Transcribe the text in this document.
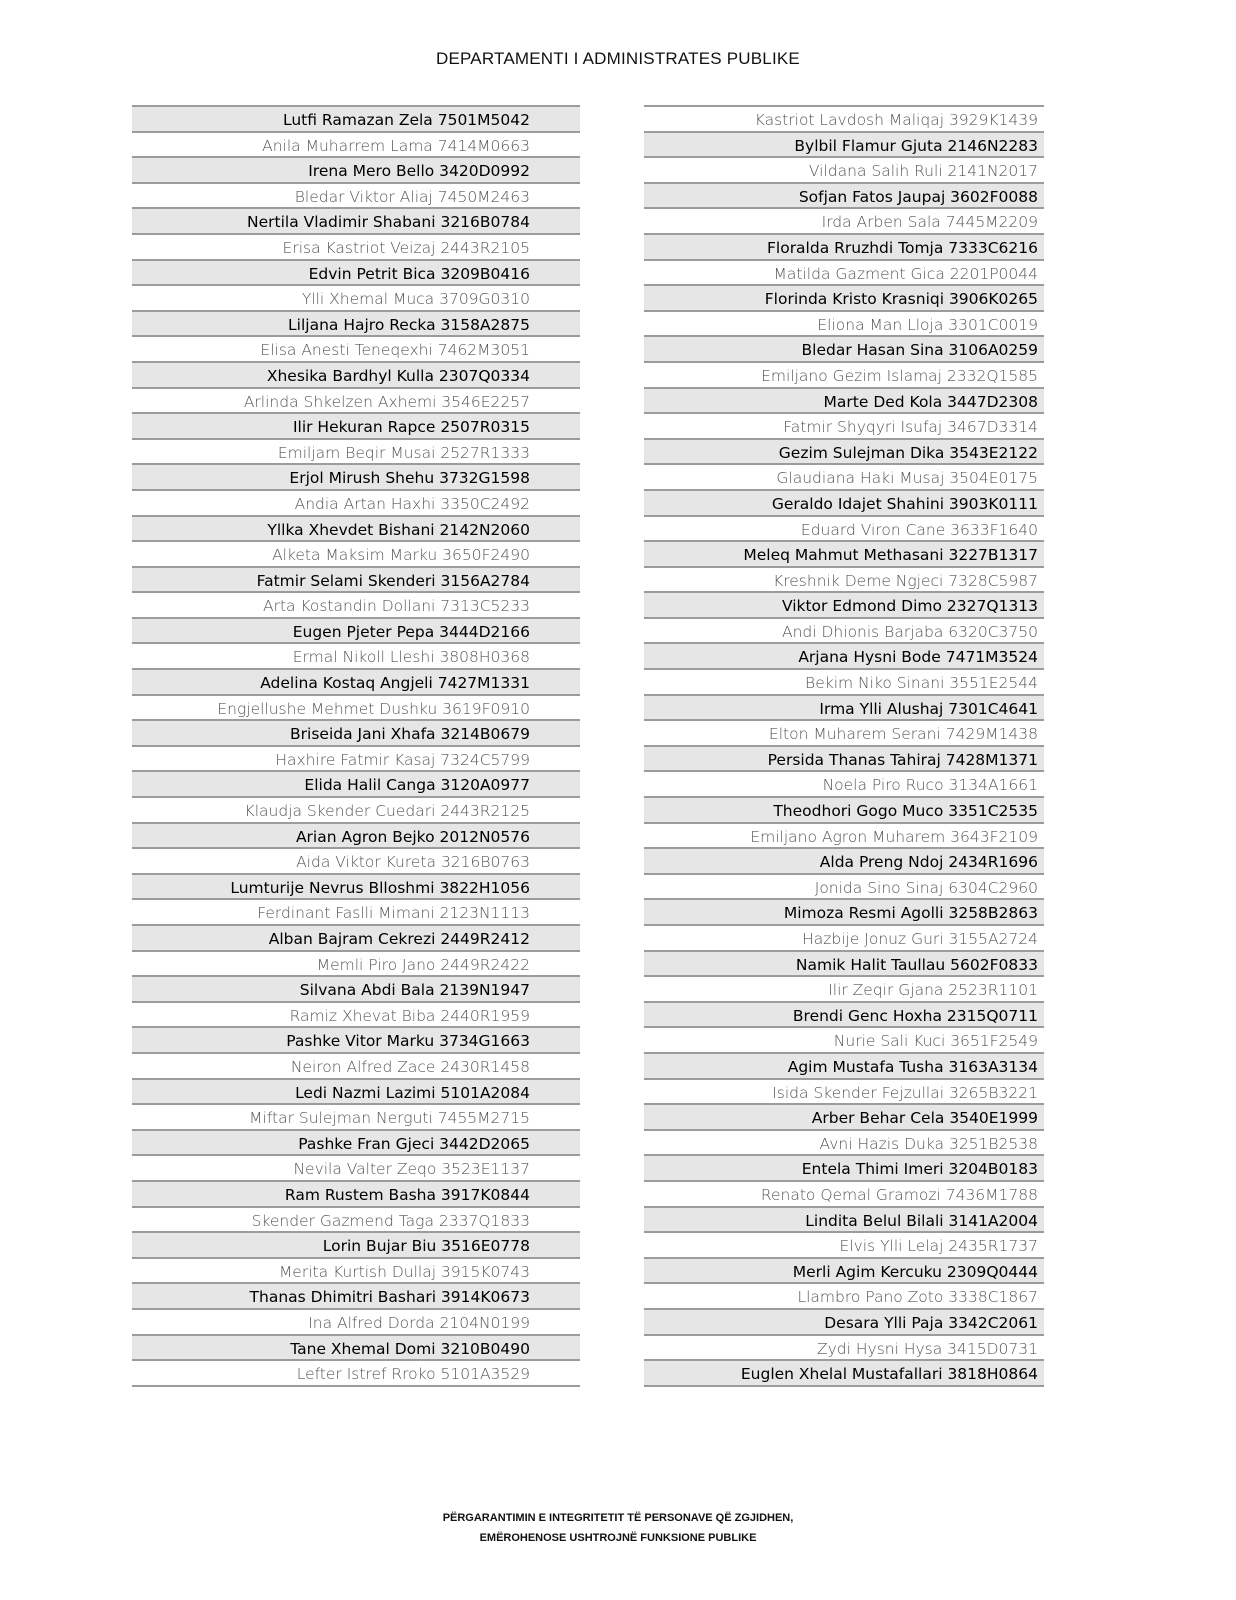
DEPARTAMENTI I ADMINISTRATES PUBLIKE
Lutfi Ramazan Zela 7501M5042
Anila Muharrem Lama 7414M0663
Irena Mero Bello 3420D0992
Bledar Viktor Aliaj 7450M2463
Nertila Vladimir Shabani 3216B0784
Erisa Kastriot Veizaj 2443R2105
Edvin Petrit Bica 3209B0416
Ylli Xhemal Muca 3709G0310
Liljana Hajro Recka 3158A2875
Elisa Anesti Teneqexhi 7462M3051
Xhesika Bardhyl Kulla 2307Q0334
Arlinda Shkelzen Axhemi 3546E2257
Ilir Hekuran Rapce 2507R0315
Emiljam Beqir Musai 2527R1333
Erjol Mirush Shehu 3732G1598
Andia Artan Haxhi 3350C2492
Yllka Xhevdet Bishani 2142N2060
Alketa Maksim Marku 3650F2490
Fatmir Selami Skenderi 3156A2784
Arta Kostandin Dollani 7313C5233
Eugen Pjeter Pepa 3444D2166
Ermal Nikoll Lleshi 3808H0368
Adelina Kostaq Angjeli 7427M1331
Engjellushe Mehmet Dushku 3619F0910
Briseida Jani Xhafa 3214B0679
Haxhire Fatmir Kasaj 7324C5799
Elida Halil Canga 3120A0977
Klaudja Skender Cuedari 2443R2125
Arian Agron Bejko 2012N0576
Aida Viktor Kureta 3216B0763
Lumturije Nevrus Blloshmi 3822H1056
Ferdinant Faslli Mimani 2123N1113
Alban Bajram Cekrezi 2449R2412
Memli Piro Jano 2449R2422
Silvana Abdi Bala 2139N1947
Ramiz Xhevat Biba 2440R1959
Pashke Vitor Marku 3734G1663
Neiron Alfred Zace 2430R1458
Ledi Nazmi Lazimi 5101A2084
Miftar Sulejman Nerguti 7455M2715
Pashke Fran Gjeci 3442D2065
Nevila Valter Zeqo 3523E1137
Ram Rustem Basha 3917K0844
Skender Gazmend Taga 2337Q1833
Lorin Bujar Biu 3516E0778
Merita Kurtish Dullaj 3915K0743
Thanas Dhimitri Bashari 3914K0673
Ina Alfred Dorda 2104N0199
Tane Xhemal Domi 3210B0490
Lefter Istref Rroko 5101A3529
Kastriot Lavdosh Maliqaj 3929K1439
Bylbil Flamur Gjuta 2146N2283
Vildana Salih Ruli 2141N2017
Sofjan Fatos Jaupaj 3602F0088
Irda Arben Sala 7445M2209
Floralda Rruzhdi Tomja 7333C6216
Matilda Gazment Gica 2201P0044
Florinda Kristo Krasniqi 3906K0265
Eliona Man Lloja 3301C0019
Bledar Hasan Sina 3106A0259
Emiljano Gezim Islamaj 2332Q1585
Marte Ded Kola 3447D2308
Fatmir Shyqyri Isufaj 3467D3314
Gezim Sulejman Dika 3543E2122
Glaudiana Haki Musaj 3504E0175
Geraldo Idajet Shahini 3903K0111
Eduard Viron Cane 3633F1640
Meleq Mahmut Methasani 3227B1317
Kreshnik Deme Ngjeci 7328C5987
Viktor Edmond Dimo 2327Q1313
Andi Dhionis Barjaba 6320C3750
Arjana Hysni Bode 7471M3524
Bekim Niko Sinani 3551E2544
Irma Ylli Alushaj 7301C4641
Elton Muharem Serani 7429M1438
Persida Thanas Tahiraj 7428M1371
Noela Piro Ruco 3134A1661
Theodhori Gogo Muco 3351C2535
Emiljano Agron Muharem 3643F2109
Alda Preng Ndoj 2434R1696
Jonida Sino Sinaj 6304C2960
Mimoza Resmi Agolli 3258B2863
Hazbije Jonuz Guri 3155A2724
Namik Halit Taullau 5602F0833
Ilir Zeqir Gjana 2523R1101
Brendi Genc Hoxha 2315Q0711
Nurie Sali Kuci 3651F2549
Agim Mustafa Tusha 3163A3134
Isida Skender Fejzullai 3265B3221
Arber Behar Cela 3540E1999
Avni Hazis Duka 3251B2538
Entela Thimi Imeri 3204B0183
Renato Qemal Gramozi 7436M1788
Lindita Belul Bilali 3141A2004
Elvis Ylli Lelaj 2435R1737
Merli Agim Kercuku 2309Q0444
Llambro Pano Zoto 3338C1867
Desara Ylli Paja 3342C2061
Zydi Hysni Hysa 3415D0731
Euglen Xhelal Mustafallari 3818H0864
PËRGARANTIMIN E INTEGRITETIT TË PERSONAVE QË ZGJIDHEN,
EMËROHENOSE USHTROJNË FUNKSIONE PUBLIKE
